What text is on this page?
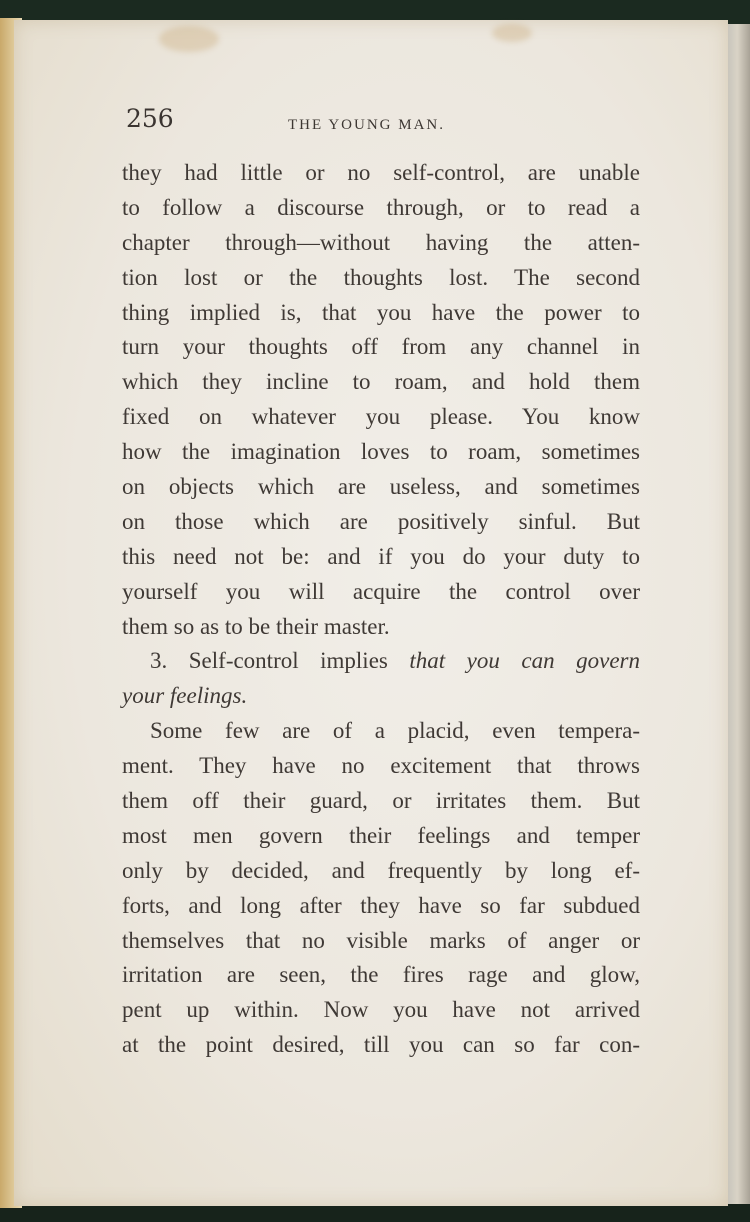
256	THE YOUNG MAN.
they had little or no self-control, are unable
to follow a discourse through, or to read a
chapter through—without having the atten-
tion lost or the thoughts lost. The second
thing implied is, that you have the power to
turn your thoughts off from any channel in
which they incline to roam, and hold them
fixed on whatever you please. You know
how the imagination loves to roam, sometimes
on objects which are useless, and sometimes
on those which are positively sinful. But
this need not be: and if you do your duty to
yourself you will acquire the control over
them so as to be their master.
3. Self-control implies that you can govern
your feelings.
Some few are of a placid, even tempera-
ment. They have no excitement that throws
them off their guard, or irritates them. But
most men govern their feelings and temper
only by decided, and frequently by long ef-
forts, and long after they have so far subdued
themselves that no visible marks of anger or
irritation are seen, the fires rage and glow,
pent up within. Now you have not arrived
at the point desired, till you can so far con-
